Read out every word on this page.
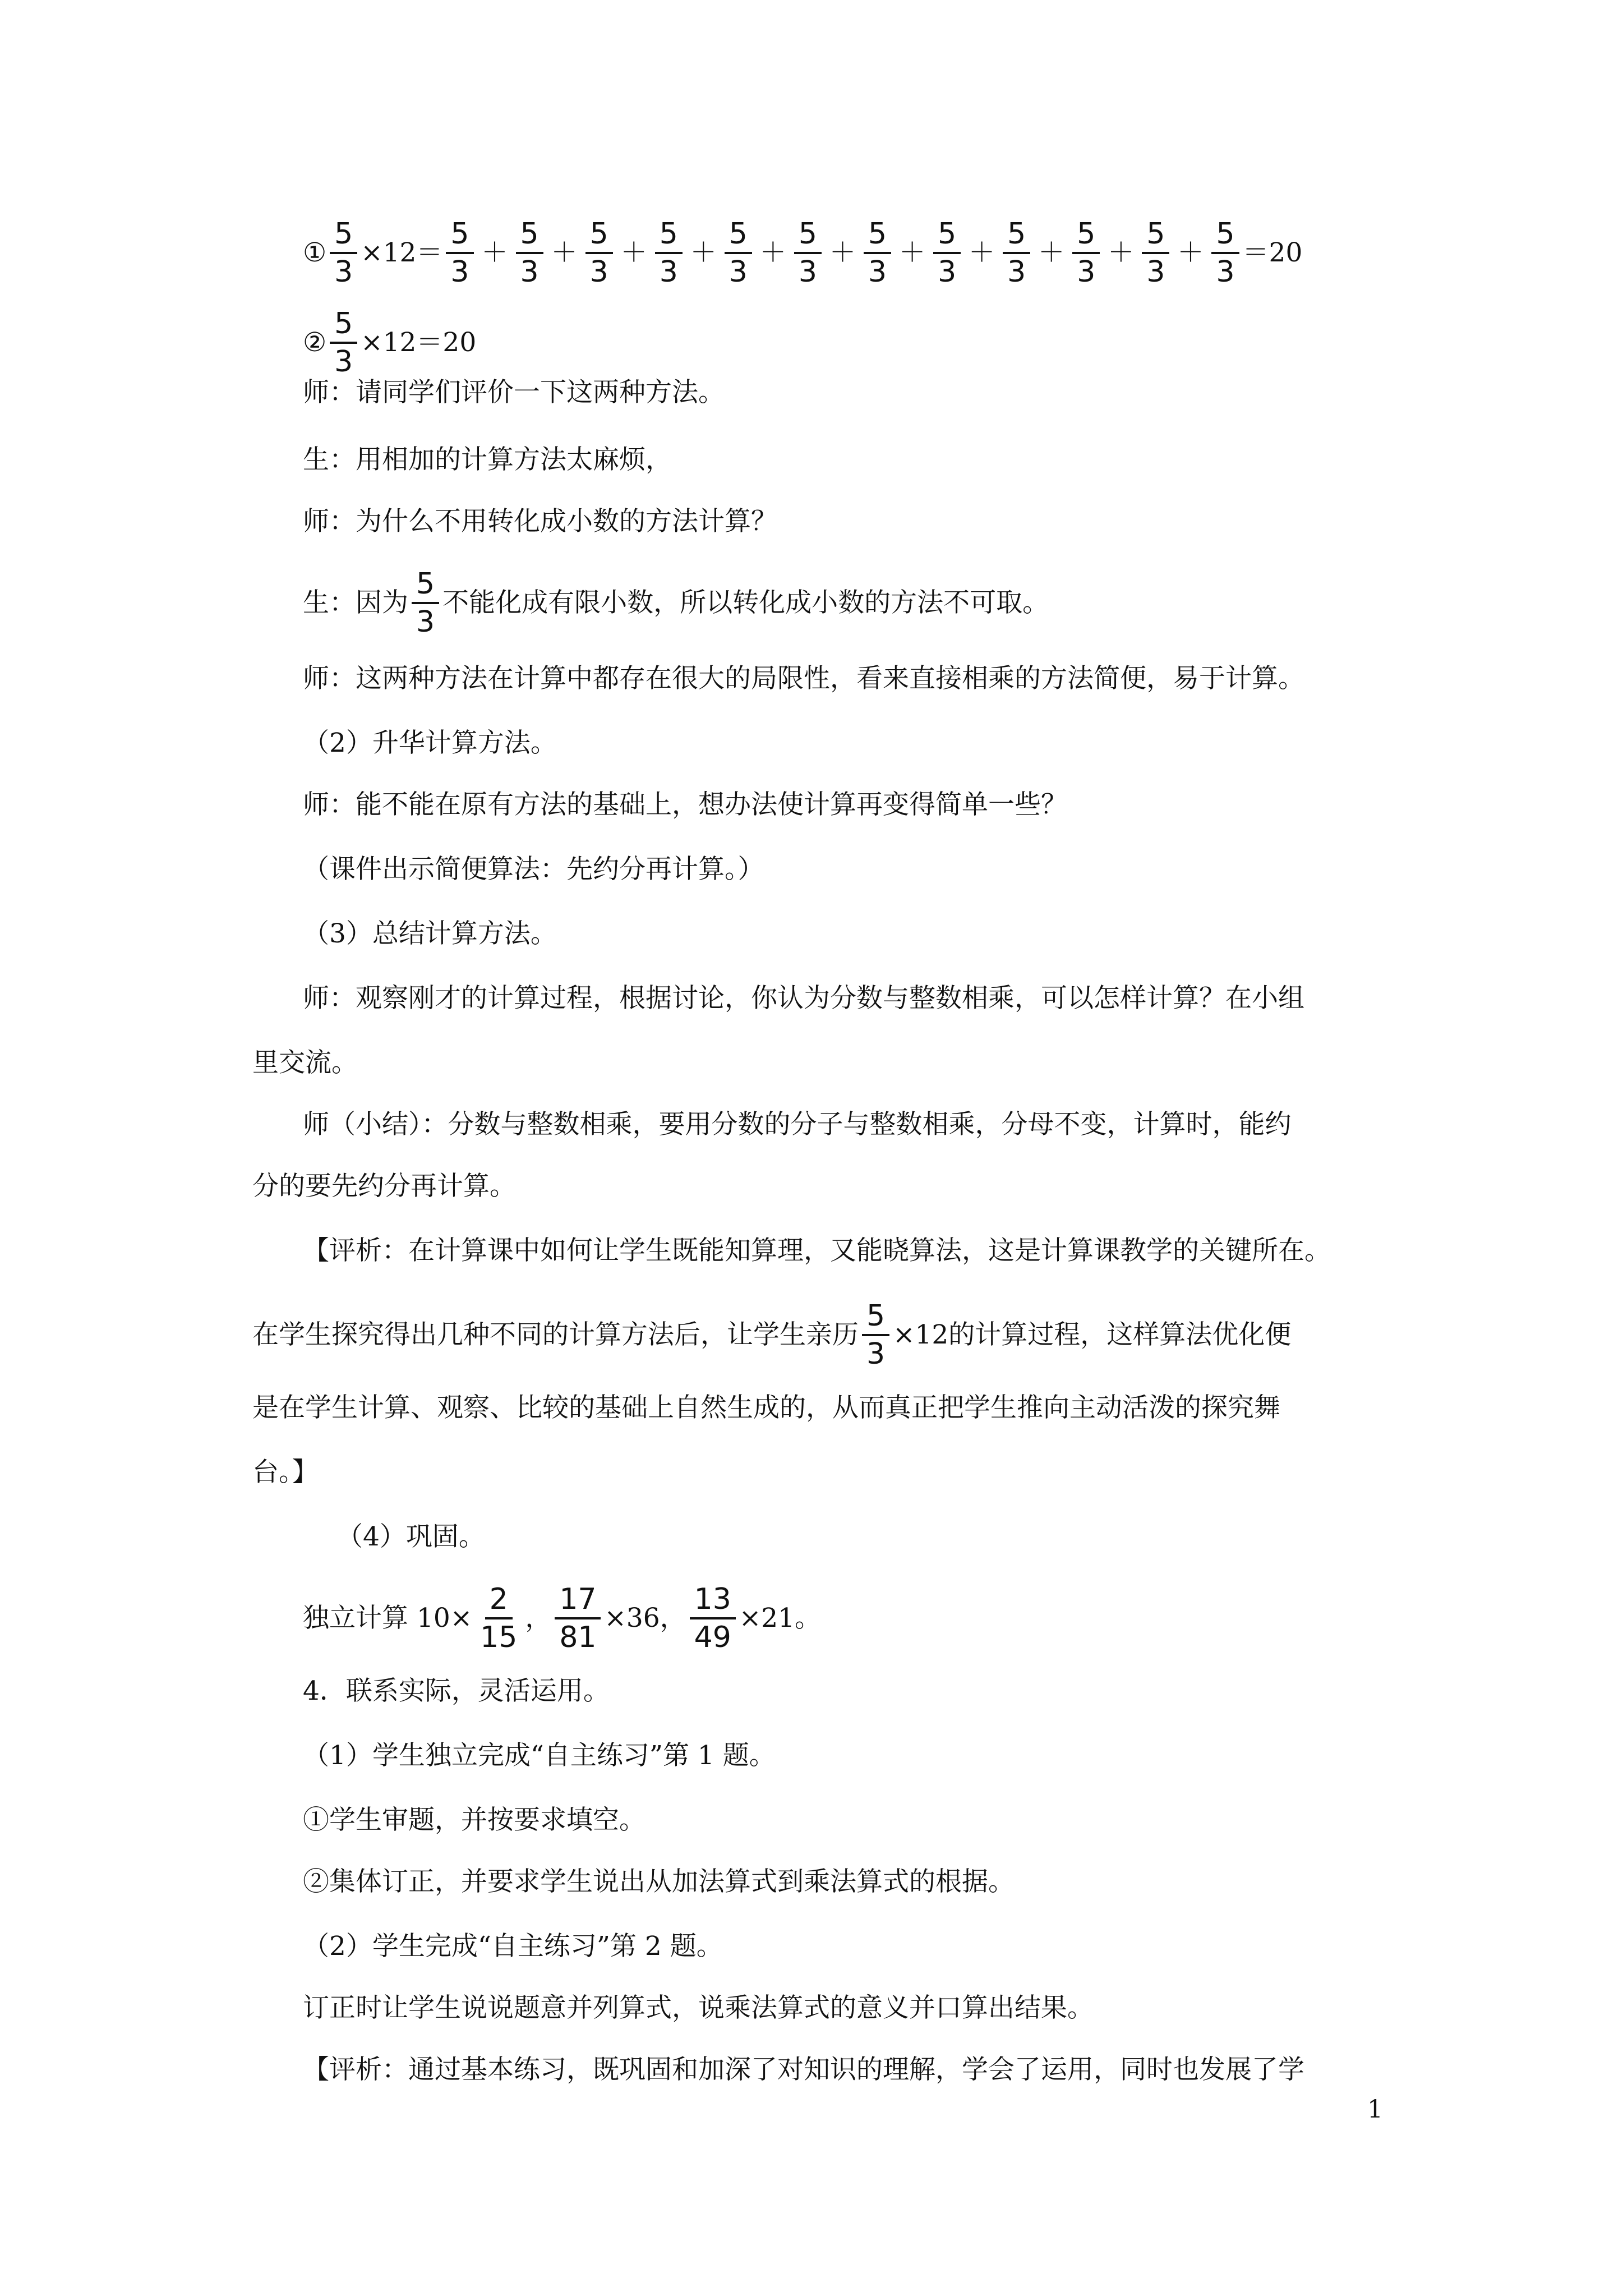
① $\frac{5}{3} \times 12= \frac{5}{3} + \frac{5}{3} + \frac{5}{3} + \frac{5}{3} + \frac{5}{3} + \frac{5}{3} + \frac{5}{3} + \frac{5}{3} + \frac{5}{3} + \frac{5}{3} + \frac{5}{3} + \frac{5}{3} =20$
② $\frac{5}{3} \times 12=20$
师：请同学们评价一下这两种方法。
生：用相加的计算方法太麻烦，
师：为什么不用转化成小数的方法计算？
生：因为 $\frac{5}{3}$ 不能化成有限小数，所以转化成小数的方法不可取。
师：这两种方法在计算中都存在很大的局限性，看来直接相乘的方法简便，易于计算。
（2）升华计算方法。
师：能不能在原有方法的基础上，想办法使计算再变得简单一些？
（课件出示简便算法：先约分再计算。）
（3）总结计算方法。
师：观察刚才的计算过程，根据讨论，你认为分数与整数相乘，可以怎样计算？在小组
里交流。
师（小结）：分数与整数相乘，要用分数的分子与整数相乘，分母不变，计算时，能约
分的要先约分再计算。
【评析：在计算课中如何让学生既能知算理，又能晓算法，这是计算课教学的关键所在。
在学生探究得出几种不同的计算方法后，让学生亲历 $\frac{5}{3} \times 12$的计算过程，这样算法优化便
是在学生计算、观察、比较的基础上自然生成的，从而真正把学生推向主动活泼的探究舞
台。】
（4）巩固。
独立计算 $10\times \frac{2}{15}$ ， $\frac{17}{81} \times 36$， $\frac{13}{49} \times 21$。
4．联系实际，灵活运用。
（1）学生独立完成“自主练习”第 1 题。
①学生审题，并按要求填空。
②集体订正，并要求学生说出从加法算式到乘法算式的根据。
（2）学生完成“自主练习”第 2 题。
订正时让学生说说题意并列算式，说乘法算式的意义并口算出结果。
【评析：通过基本练习，既巩固和加深了对知识的理解，学会了运用，同时也发展了学
1
